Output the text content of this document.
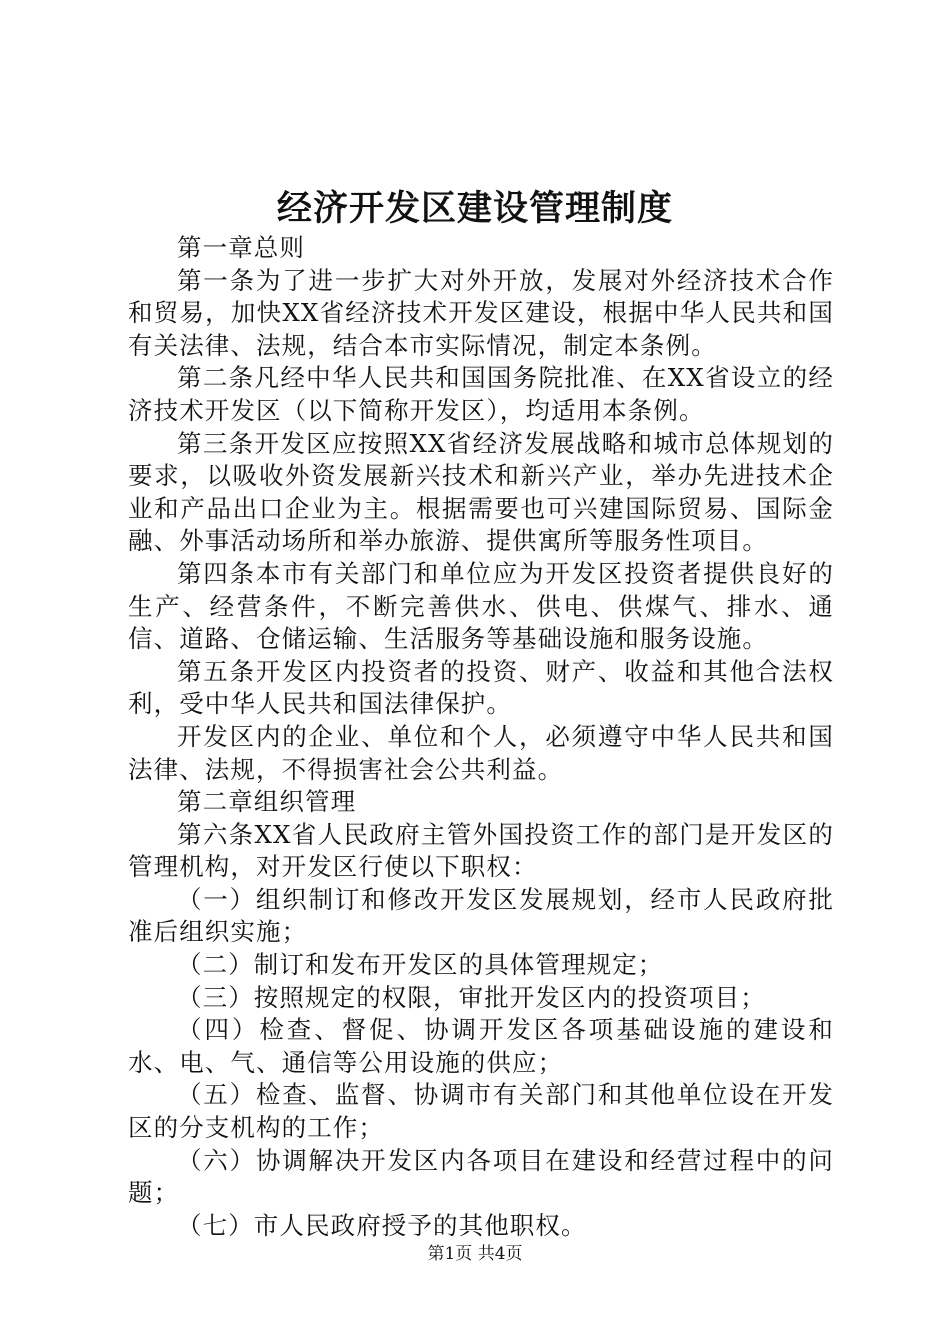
经济开发区建设管理制度

第一章总则

第一条为了进一步扩大对外开放，发展对外经济技术合作和贸易，加快XX省经济技术开发区建设，根据中华人民共和国有关法律、法规，结合本市实际情况，制定本条例。

第二条凡经中华人民共和国国务院批准、在XX省设立的经济技术开发区（以下简称开发区），均适用本条例。

第三条开发区应按照XX省经济发展战略和城市总体规划的要求，以吸收外资发展新兴技术和新兴产业，举办先进技术企业和产品出口企业为主。根据需要也可兴建国际贸易、国际金融、外事活动场所和举办旅游、提供寓所等服务性项目。

第四条本市有关部门和单位应为开发区投资者提供良好的生产、经营条件，不断完善供水、供电、供煤气、排水、通信、道路、仓储运输、生活服务等基础设施和服务设施。

第五条开发区内投资者的投资、财产、收益和其他合法权利，受中华人民共和国法律保护。

开发区内的企业、单位和个人，必须遵守中华人民共和国法律、法规，不得损害社会公共利益。

第二章组织管理

第六条XX省人民政府主管外国投资工作的部门是开发区的管理机构，对开发区行使以下职权：

（一）组织制订和修改开发区发展规划，经市人民政府批准后组织实施；

（二）制订和发布开发区的具体管理规定；

（三）按照规定的权限，审批开发区内的投资项目；

（四）检查、督促、协调开发区各项基础设施的建设和水、电、气、通信等公用设施的供应；

（五）检查、监督、协调市有关部门和其他单位设在开发区的分支机构的工作；

（六）协调解决开发区内各项目在建设和经营过程中的问题；

（七）市人民政府授予的其他职权。

第1页 共4页
